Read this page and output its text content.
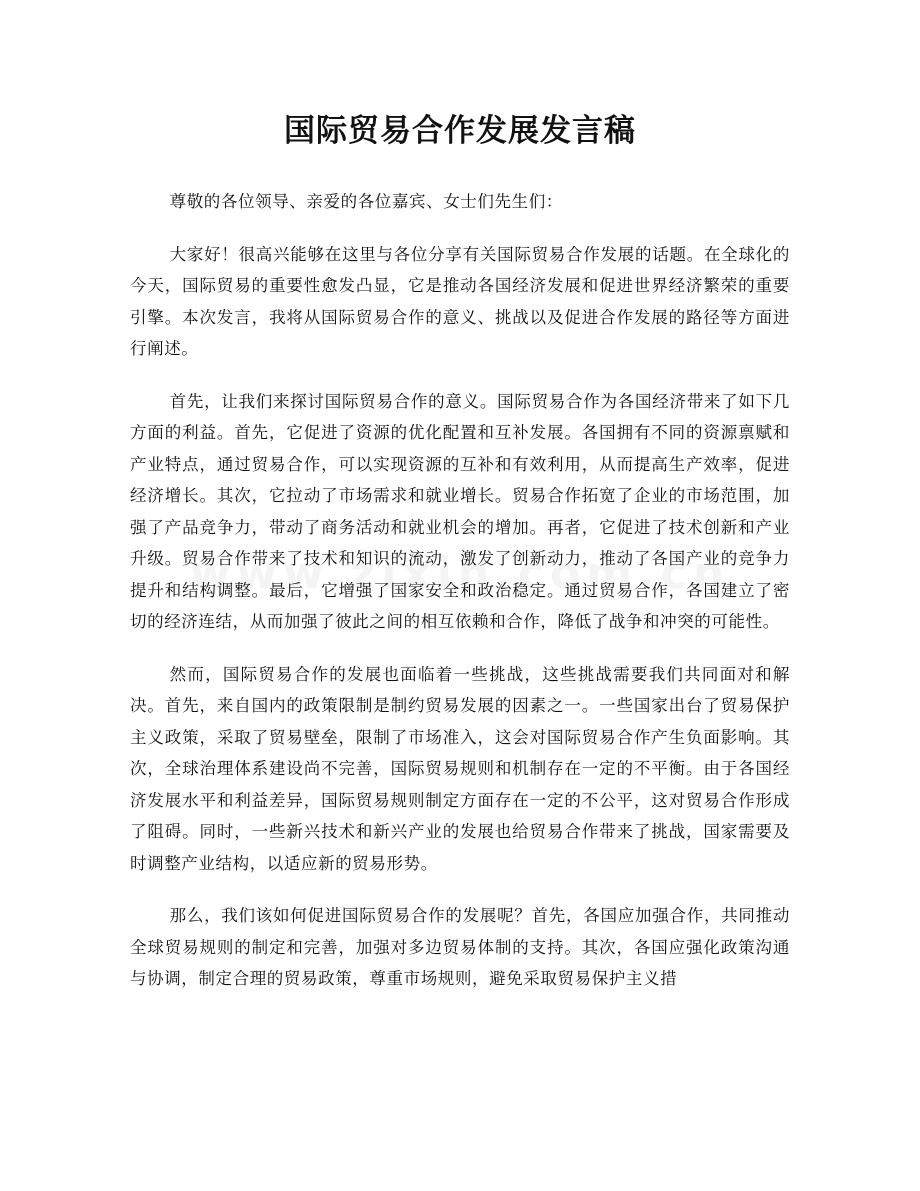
国际贸易合作发展发言稿

尊敬的各位领导、亲爱的各位嘉宾、女士们先生们：

大家好！很高兴能够在这里与各位分享有关国际贸易合作发展的话题。在全球化的今天，国际贸易的重要性愈发凸显，它是推动各国经济发展和促进世界经济繁荣的重要引擎。本次发言，我将从国际贸易合作的意义、挑战以及促进合作发展的路径等方面进行阐述。

首先，让我们来探讨国际贸易合作的意义。国际贸易合作为各国经济带来了如下几方面的利益。首先，它促进了资源的优化配置和互补发展。各国拥有不同的资源禀赋和产业特点，通过贸易合作，可以实现资源的互补和有效利用，从而提高生产效率，促进经济增长。其次，它拉动了市场需求和就业增长。贸易合作拓宽了企业的市场范围，加强了产品竞争力，带动了商务活动和就业机会的增加。再者，它促进了技术创新和产业升级。贸易合作带来了技术和知识的流动，激发了创新动力，推动了各国产业的竞争力提升和结构调整。最后，它增强了国家安全和政治稳定。通过贸易合作，各国建立了密切的经济连结，从而加强了彼此之间的相互依赖和合作，降低了战争和冲突的可能性。

然而，国际贸易合作的发展也面临着一些挑战，这些挑战需要我们共同面对和解决。首先，来自国内的政策限制是制约贸易发展的因素之一。一些国家出台了贸易保护主义政策，采取了贸易壁垒，限制了市场准入，这会对国际贸易合作产生负面影响。其次，全球治理体系建设尚不完善，国际贸易规则和机制存在一定的不平衡。由于各国经济发展水平和利益差异，国际贸易规则制定方面存在一定的不公平，这对贸易合作形成了阻碍。同时，一些新兴技术和新兴产业的发展也给贸易合作带来了挑战，国家需要及时调整产业结构，以适应新的贸易形势。

那么，我们该如何促进国际贸易合作的发展呢？首先，各国应加强合作，共同推动全球贸易规则的制定和完善，加强对多边贸易体制的支持。其次，各国应强化政策沟通与协调，制定合理的贸易政策，尊重市场规则，避免采取贸易保护主义措
